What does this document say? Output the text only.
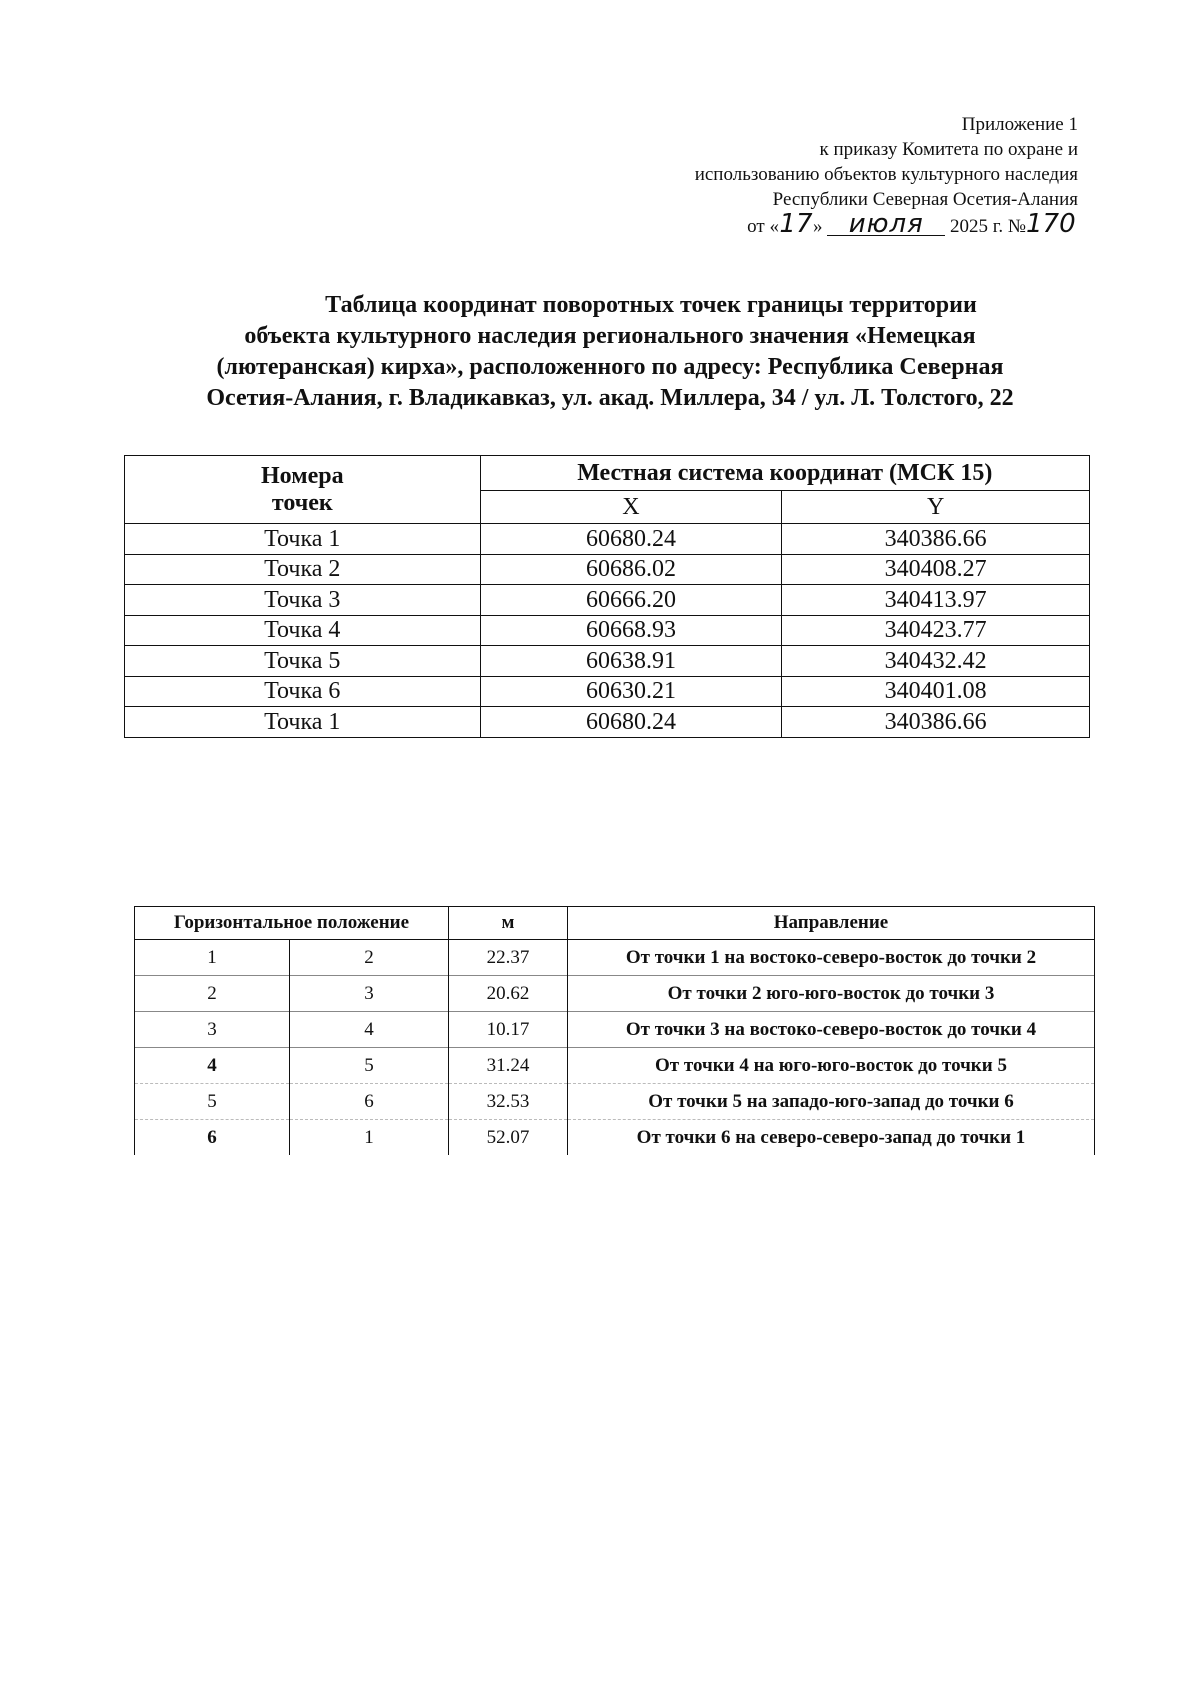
Приложение 1
к приказу Комитета по охране и
использованию объектов культурного наследия
Республики Северная Осетия-Алания
от «17» июля 2025 г. №170
Таблица координат поворотных точек границы территории
объекта культурного наследия регионального значения «Немецкая
(лютеранская) кирха», расположенного по адресу: Республика Северная
Осетия-Алания, г. Владикавказ, ул. акад. Миллера, 34 / ул. Л. Толстого, 22
Номера
точек	Местная система координат (МСК 15)	
	X	Y
Точка 1	60680.24	340386.66
Точка 2	60686.02	340408.27
Точка 3	60666.20	340413.97
Точка 4	60668.93	340423.77
Точка 5	60638.91	340432.42
Точка 6	60630.21	340401.08
Точка 1	60680.24	340386.66
Горизонтальное положение		м	Направление
1	2	22.37	От точки 1 на востоко-северо-восток до точки 2
2	3	20.62	От точки 2 юго-юго-восток до точки 3
3	4	10.17	От точки 3 на востоко-северо-восток до точки 4
4	5	31.24	От точки 4 на юго-юго-восток до точки 5
5	6	32.53	От точки 5 на западо-юго-запад до точки 6
6	1	52.07	От точки 6 на северо-северо-запад до точки 1
